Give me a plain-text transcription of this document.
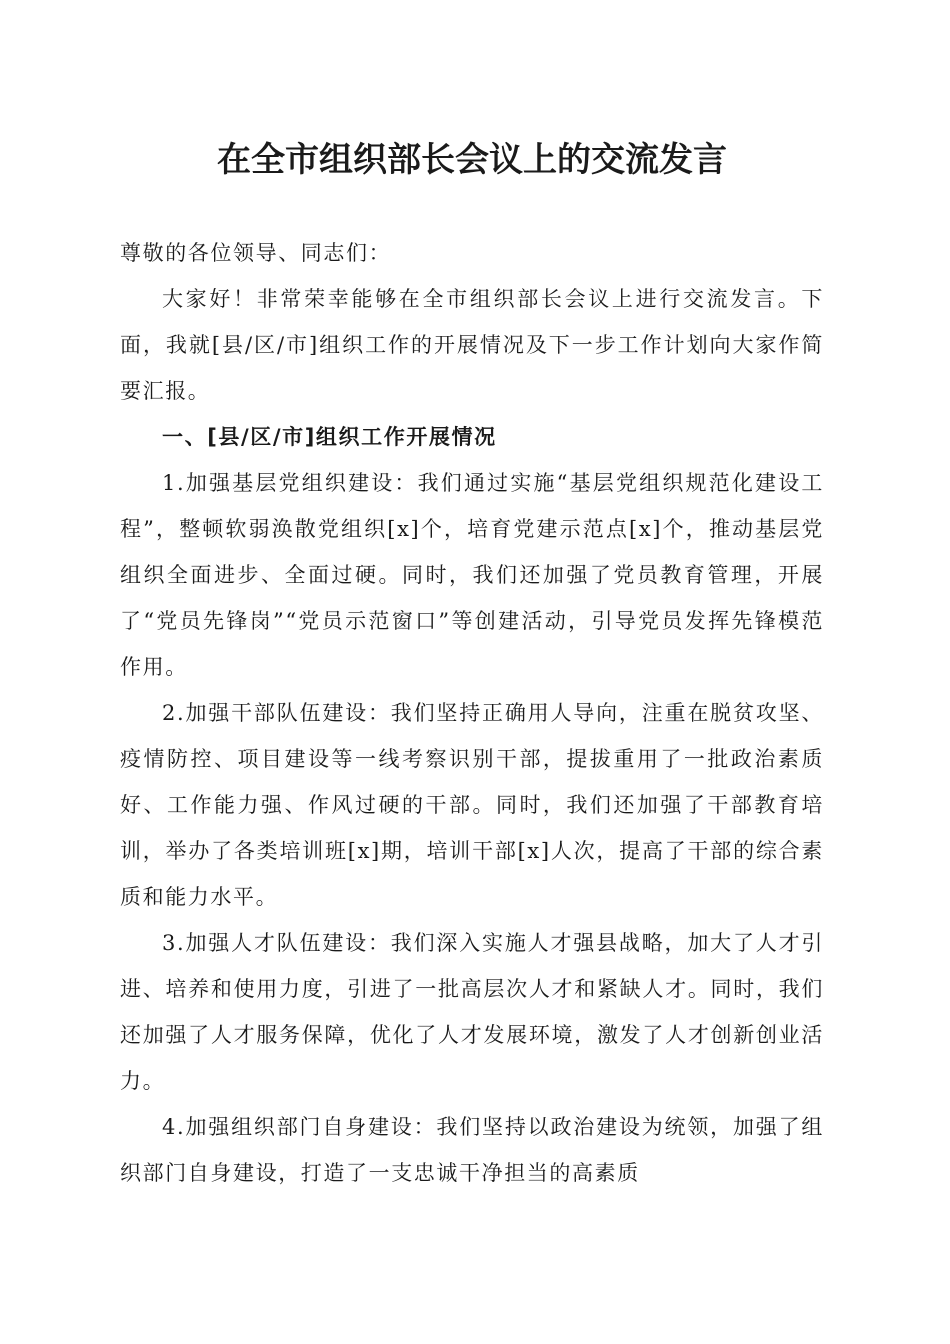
在全市组织部长会议上的交流发言

尊敬的各位领导、同志们：

大家好！非常荣幸能够在全市组织部长会议上进行交流发言。下面，我就[县/区/市]组织工作的开展情况及下一步工作计划向大家作简要汇报。

一、[县/区/市]组织工作开展情况

1.加强基层党组织建设：我们通过实施“基层党组织规范化建设工程”，整顿软弱涣散党组织[x]个，培育党建示范点[x]个，推动基层党组织全面进步、全面过硬。同时，我们还加强了党员教育管理，开展了“党员先锋岗”“党员示范窗口”等创建活动，引导党员发挥先锋模范作用。

2.加强干部队伍建设：我们坚持正确用人导向，注重在脱贫攻坚、疫情防控、项目建设等一线考察识别干部，提拔重用了一批政治素质好、工作能力强、作风过硬的干部。同时，我们还加强了干部教育培训，举办了各类培训班[x]期，培训干部[x]人次，提高了干部的综合素质和能力水平。

3.加强人才队伍建设：我们深入实施人才强县战略，加大了人才引进、培养和使用力度，引进了一批高层次人才和紧缺人才。同时，我们还加强了人才服务保障，优化了人才发展环境，激发了人才创新创业活力。

4.加强组织部门自身建设：我们坚持以政治建设为统领，加强了组织部门自身建设，打造了一支忠诚干净担当的高素质
